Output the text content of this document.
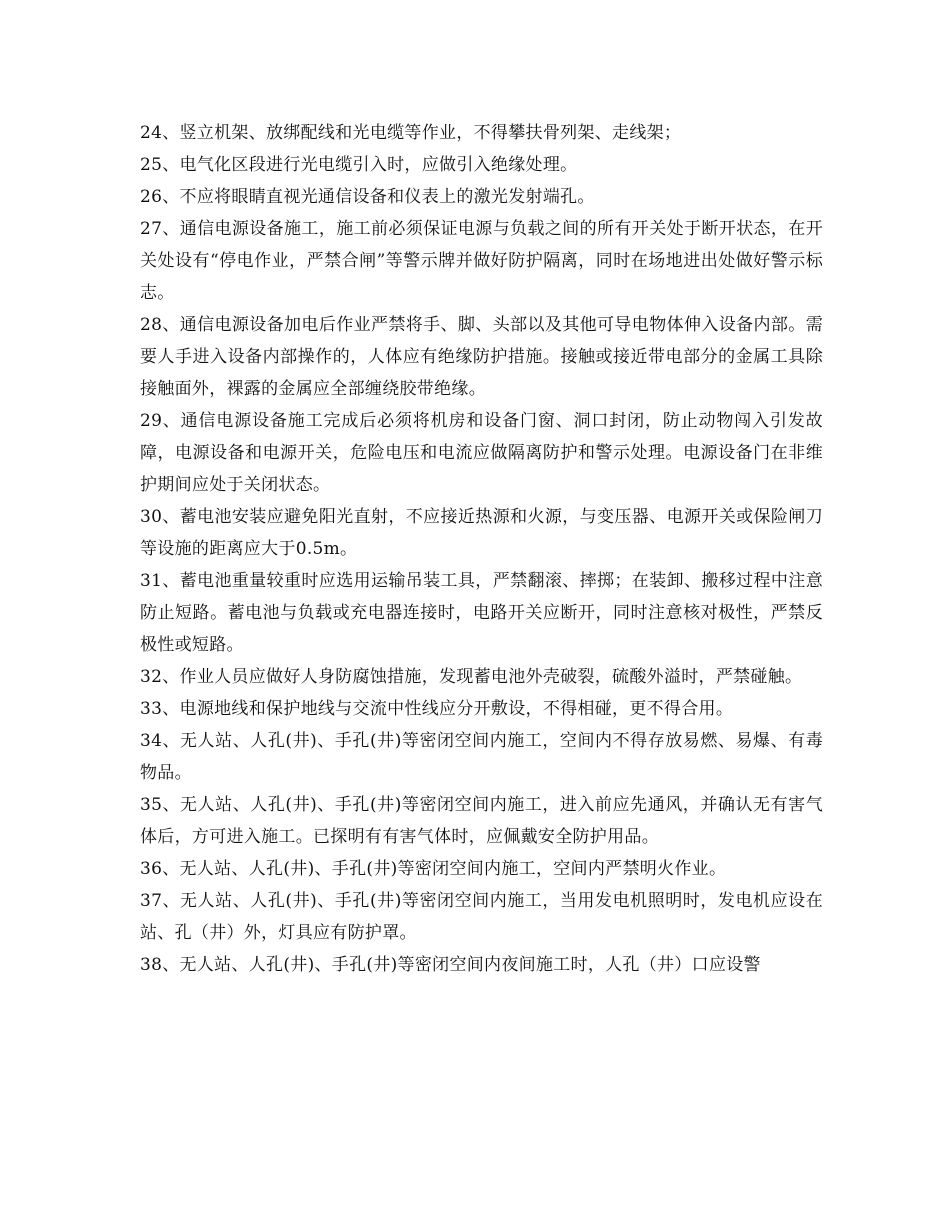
24、竖立机架、放绑配线和光电缆等作业，不得攀扶骨列架、走线架；

25、电气化区段进行光电缆引入时，应做引入绝缘处理。

26、不应将眼睛直视光通信设备和仪表上的激光发射端孔。

27、通信电源设备施工，施工前必须保证电源与负载之间的所有开关处于断开状态，在开关处设有“停电作业，严禁合闸”等警示牌并做好防护隔离，同时在场地进出处做好警示标志。

28、通信电源设备加电后作业严禁将手、脚、头部以及其他可导电物体伸入设备内部。需要人手进入设备内部操作的，人体应有绝缘防护措施。接触或接近带电部分的金属工具除接触面外，裸露的金属应全部缠绕胶带绝缘。

29、通信电源设备施工完成后必须将机房和设备门窗、洞口封闭，防止动物闯入引发故障，电源设备和电源开关，危险电压和电流应做隔离防护和警示处理。电源设备门在非维护期间应处于关闭状态。

30、蓄电池安装应避免阳光直射，不应接近热源和火源，与变压器、电源开关或保险闸刀等设施的距离应大于0.5m。

31、蓄电池重量较重时应选用运输吊装工具，严禁翻滚、摔掷；在装卸、搬移过程中注意防止短路。蓄电池与负载或充电器连接时，电路开关应断开，同时注意核对极性，严禁反极性或短路。

32、作业人员应做好人身防腐蚀措施，发现蓄电池外壳破裂，硫酸外溢时，严禁碰触。

33、电源地线和保护地线与交流中性线应分开敷设，不得相碰，更不得合用。

34、无人站、人孔(井)、手孔(井)等密闭空间内施工，空间内不得存放易燃、易爆、有毒物品。

35、无人站、人孔(井)、手孔(井)等密闭空间内施工，进入前应先通风，并确认无有害气体后，方可进入施工。已探明有有害气体时，应佩戴安全防护用品。

36、无人站、人孔(井)、手孔(井)等密闭空间内施工，空间内严禁明火作业。

37、无人站、人孔(井)、手孔(井)等密闭空间内施工，当用发电机照明时，发电机应设在站、孔（井）外，灯具应有防护罩。

38、无人站、人孔(井)、手孔(井)等密闭空间内夜间施工时，人孔（井）口应设警
